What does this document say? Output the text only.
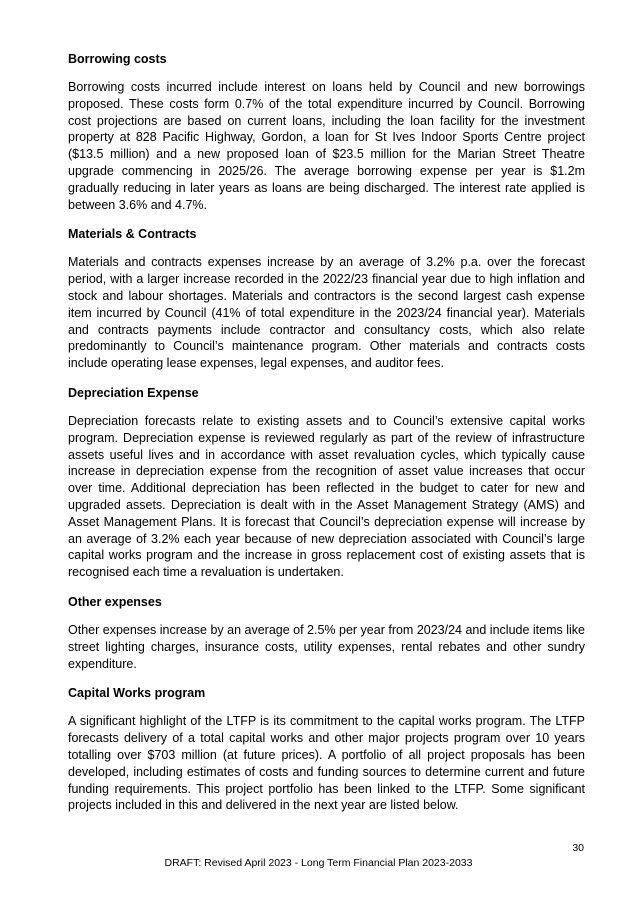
Borrowing costs
Borrowing costs incurred include interest on loans held by Council and new borrowings proposed. These costs form 0.7% of the total expenditure incurred by Council. Borrowing cost projections are based on current loans, including the loan facility for the investment property at 828 Pacific Highway, Gordon, a loan for St Ives Indoor Sports Centre project ($13.5 million) and a new proposed loan of $23.5 million for the Marian Street Theatre upgrade commencing in 2025/26. The average borrowing expense per year is $1.2m gradually reducing in later years as loans are being discharged. The interest rate applied is between 3.6% and 4.7%.
Materials & Contracts
Materials and contracts expenses increase by an average of 3.2% p.a. over the forecast period, with a larger increase recorded in the 2022/23 financial year due to high inflation and stock and labour shortages. Materials and contractors is the second largest cash expense item incurred by Council (41% of total expenditure in the 2023/24 financial year). Materials and contracts payments include contractor and consultancy costs, which also relate predominantly to Council’s maintenance program. Other materials and contracts costs include operating lease expenses, legal expenses, and auditor fees.
Depreciation Expense
Depreciation forecasts relate to existing assets and to Council’s extensive capital works program. Depreciation expense is reviewed regularly as part of the review of infrastructure assets useful lives and in accordance with asset revaluation cycles, which typically cause increase in depreciation expense from the recognition of asset value increases that occur over time. Additional depreciation has been reflected in the budget to cater for new and upgraded assets. Depreciation is dealt with in the Asset Management Strategy (AMS) and Asset Management Plans. It is forecast that Council’s depreciation expense will increase by an average of 3.2% each year because of new depreciation associated with Council’s large capital works program and the increase in gross replacement cost of existing assets that is recognised each time a revaluation is undertaken.
Other expenses
Other expenses increase by an average of 2.5% per year from 2023/24 and include items like street lighting charges, insurance costs, utility expenses, rental rebates and other sundry expenditure.
Capital Works program
A significant highlight of the LTFP is its commitment to the capital works program. The LTFP forecasts delivery of a total capital works and other major projects program over 10 years totalling over $703 million (at future prices). A portfolio of all project proposals has been developed, including estimates of costs and funding sources to determine current and future funding requirements. This project portfolio has been linked to the LTFP. Some significant projects included in this and delivered in the next year are listed below.
30
DRAFT: Revised April 2023 - Long Term Financial Plan 2023-2033
